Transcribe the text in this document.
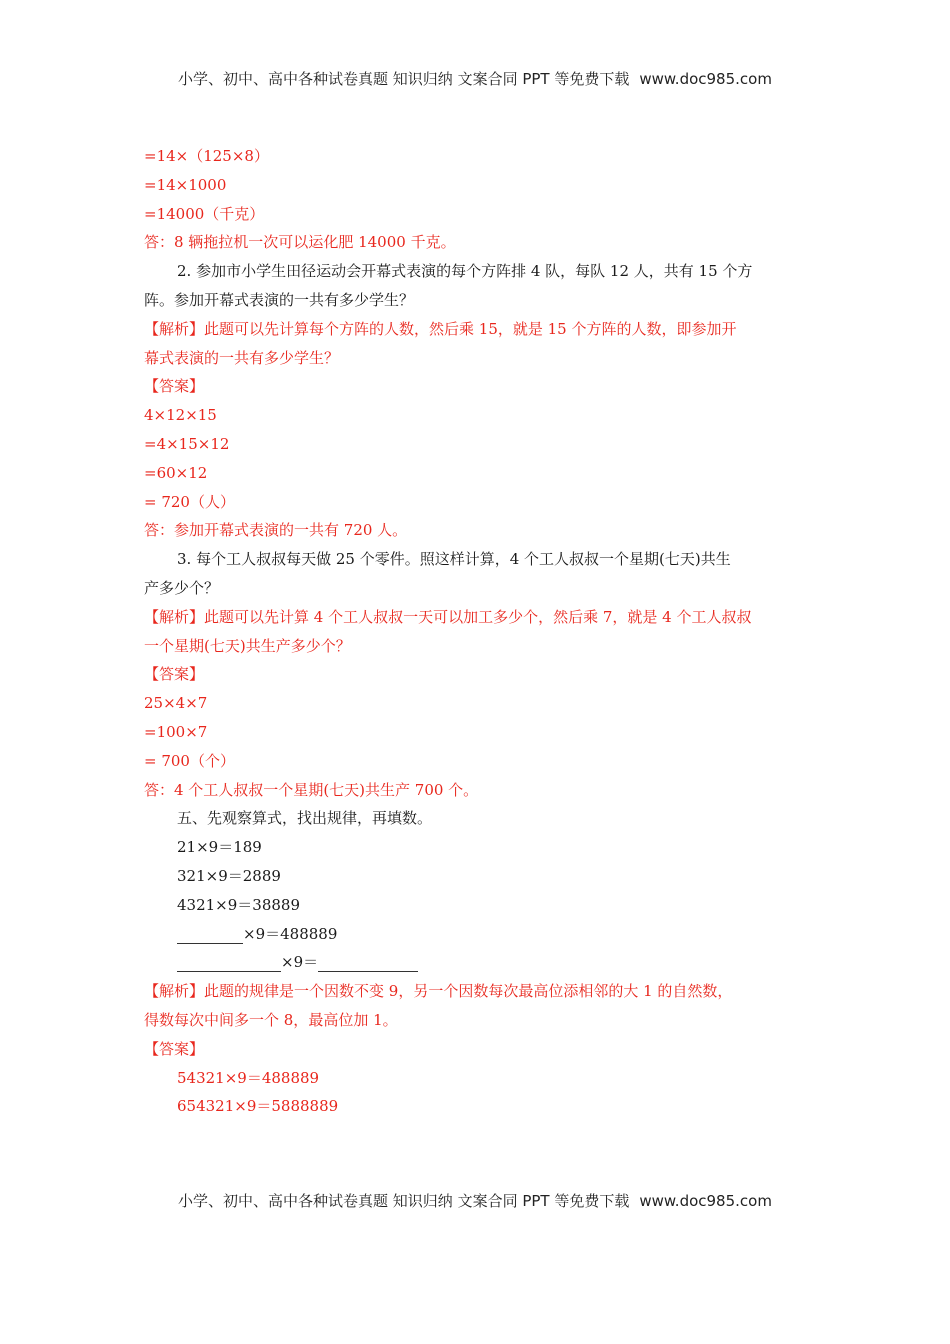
小学、初中、高中各种试卷真题 知识归纳 文案合同 PPT 等免费下载 www.doc985.com
=14×（125×8）
=14×1000
=14000（千克）
答：8 辆拖拉机一次可以运化肥 14000 千克。
2. 参加市小学生田径运动会开幕式表演的每个方阵排 4 队，每队 12 人，共有 15 个方
阵。参加开幕式表演的一共有多少学生？
【解析】此题可以先计算每个方阵的人数，然后乘 15，就是 15 个方阵的人数，即参加开
幕式表演的一共有多少学生？
【答案】
4×12×15
=4×15×12
=60×12
= 720（人）
答：参加开幕式表演的一共有 720 人。
3. 每个工人叔叔每天做 25 个零件。照这样计算，4 个工人叔叔一个星期(七天)共生
产多少个？
【解析】此题可以先计算 4 个工人叔叔一天可以加工多少个，然后乘 7，就是 4 个工人叔叔
一个星期(七天)共生产多少个？
【答案】
25×4×7
=100×7
= 700（个）
答：4 个工人叔叔一个星期(七天)共生产 700 个。
五、先观察算式，找出规律，再填数。
21×9＝189
321×9＝2889
4321×9＝38889
×9＝488889
×9＝
【解析】此题的规律是一个因数不变 9，另一个因数每次最高位添相邻的大 1 的自然数，
得数每次中间多一个 8，最高位加 1。
【答案】
54321×9＝488889
654321×9＝5888889
小学、初中、高中各种试卷真题 知识归纳 文案合同 PPT 等免费下载 www.doc985.com
